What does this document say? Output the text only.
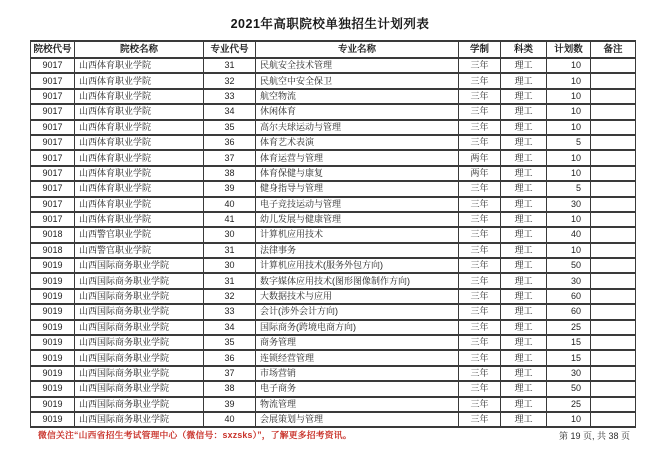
2021年高职院校单独招生计划列表
院校代号	院校名称	专业代号	专业名称	学制	科类	计划数	备注
9017	山西体育职业学院	31	民航安全技术管理	三年	理工	10	
9017	山西体育职业学院	32	民航空中安全保卫	三年	理工	10	
9017	山西体育职业学院	33	航空物流	三年	理工	10	
9017	山西体育职业学院	34	休闲体育	三年	理工	10	
9017	山西体育职业学院	35	高尔夫球运动与管理	三年	理工	10	
9017	山西体育职业学院	36	体育艺术表演	三年	理工	5	
9017	山西体育职业学院	37	体育运营与管理	两年	理工	10	
9017	山西体育职业学院	38	体育保健与康复	两年	理工	10	
9017	山西体育职业学院	39	健身指导与管理	三年	理工	5	
9017	山西体育职业学院	40	电子竞技运动与管理	三年	理工	30	
9017	山西体育职业学院	41	幼儿发展与健康管理	三年	理工	10	
9018	山西警官职业学院	30	计算机应用技术	三年	理工	40	
9018	山西警官职业学院	31	法律事务	三年	理工	10	
9019	山西国际商务职业学院	30	计算机应用技术(服务外包方向)	三年	理工	50	
9019	山西国际商务职业学院	31	数字媒体应用技术(图形图像制作方向)	三年	理工	30	
9019	山西国际商务职业学院	32	大数据技术与应用	三年	理工	60	
9019	山西国际商务职业学院	33	会计(涉外会计方向)	三年	理工	60	
9019	山西国际商务职业学院	34	国际商务(跨境电商方向)	三年	理工	25	
9019	山西国际商务职业学院	35	商务管理	三年	理工	15	
9019	山西国际商务职业学院	36	连锁经营管理	三年	理工	15	
9019	山西国际商务职业学院	37	市场营销	三年	理工	30	
9019	山西国际商务职业学院	38	电子商务	三年	理工	50	
9019	山西国际商务职业学院	39	物流管理	三年	理工	25	
9019	山西国际商务职业学院	40	会展策划与管理	三年	理工	10	
微信关注“山西省招生考试管理中心（微信号：sxzsks）”，了解更多招考资讯。	第 19 页, 共 38 页
